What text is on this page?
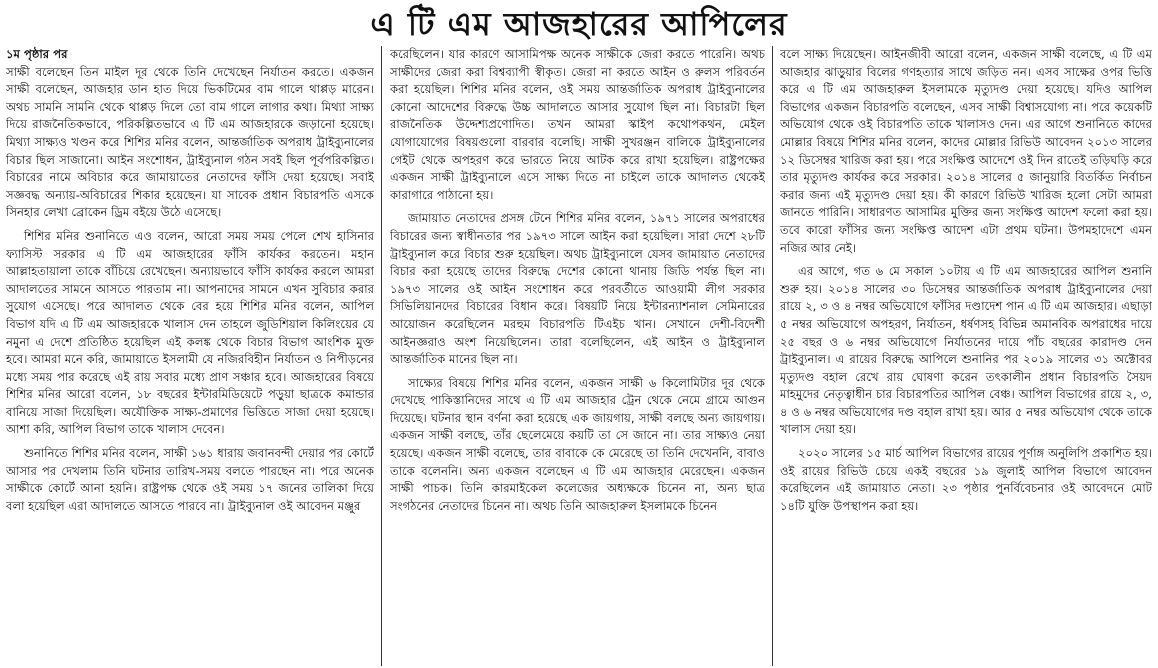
এ টি এম আজহারের আপিলের

১ম পৃষ্ঠার পর

সাক্ষী বলেছেন তিন মাইল দূর থেকে তিনি দেখেছেন নির্যাতন করতে। একজন সাক্ষী বলেছেন, আজহার ডান হাত দিয়ে ভিকটিমের বাম গালে থাপ্পড় মারেন। অথচ সামনি সামনি থেকে থাপ্পড় দিলে তো বাম গালে লাগার কথা। মিথ্যা সাক্ষ্য দিয়ে রাজনৈতিকভাবে, পরিকল্পিতভাবে এ টি এম আজহারকে জড়ানো হয়েছে। মিথ্যা সাক্ষ্যও খণ্ডন করে শিশির মনির বলেন, আন্তর্জাতিক অপরাধ ট্রাইব্যুনালের বিচার ছিল সাজানো। আইন সংশোধন, ট্রাইব্যুনাল গঠন সবই ছিল পূর্বপরিকল্পিত। বিচারের নামে অবিচার করে জামায়াতের নেতাদের ফাঁসি দেয়া হয়েছে। সবাই সজ্ঞবদ্ধ অন্যায়-অবিচারের শিকার হয়েছেন। যা সাবেক প্রধান বিচারপতি এসকে সিনহার লেখা ব্রোকেন ড্রিম বইয়ে উঠে এসেছে।

শিশির মনির শুনানিতে এও বলেন, আরো সময় সময় পেলে শেখ হাসিনার ফ্যাসিস্ট সরকার এ টি এম আজহারের ফাঁসি কার্যকর করতেন। মহান আল্লাহতায়ালা তাকে বাঁচিয়ে রেখেছেন। অন্যায়ভাবে ফাঁসি কার্যকর করলে আমরা আদালতের সামনে আসতে পারতাম না। আপনাদের সামনে এখন সুবিচার করার সুযোগ এসেছে। পরে আদালত থেকে বের হয়ে শিশির মনির বলেন, আপিল বিভাগ যদি এ টি এম আজহারকে খালাস দেন তাহলে জুডিশিয়াল কিলিংয়ের যে নমুনা এ দেশে প্রতিষ্ঠিত হয়েছিল এই কলঙ্ক থেকে বিচার বিভাগ আংশিক মুক্ত হবে। আমরা মনে করি, জামায়াতে ইসলামী যে নজিরবিহীন নির্যাতন ও নিপীড়নের মধ্যে সময় পার করেছে এই রায় সবার মধ্যে প্রাণ সঞ্চার হবে। আজহারের বিষয়ে শিশির মনির আরো বলেন, ১৮ বছরের ইন্টারমিডিয়েটে পড়ুয়া ছাত্রকে কমান্ডার বানিয়ে সাজা দিয়েছিল। অযৌক্তিক সাক্ষ্য-প্রমাণের ভিত্তিতে সাজা দেয়া হয়েছে। আশা করি, আপিল বিভাগ তাকে খালাস দেবেন।

শুনানিতে শিশির মনির বলেন, সাক্ষী ১৬১ ধারায় জবানবন্দী দেয়ার পর কোর্টে আসার পর দেখলাম তিনি ঘটনার তারিখ-সময় বলতে পারছেন না। পরে অনেক সাক্ষীকে কোর্টে আনা হয়নি। রাষ্ট্রপক্ষ থেকে ওই সময় ১৭ জনের তালিকা দিয়ে বলা হয়েছিল এরা আদালতে আসতে পারবে না। ট্রাইব্যুনাল ওই আবেদন মঞ্জুর

করেছিলেন। যার কারণে আসামিপক্ষ অনেক সাক্ষীকে জেরা করতে পারেনি। অথচ সাক্ষীদের জেরা করা বিশ্বব্যাপী স্বীকৃত। জেরা না করতে আইন ও রুলস পরিবর্তন করা হয়েছিল। শিশির মনির বলেন, ওই সময় আন্তর্জাতিক অপরাধ ট্রাইব্যুনালের কোনো আদেশের বিরুদ্ধে উচ্চ আদালতে আসার সুযোগ ছিল না। বিচারটা ছিল রাজনৈতিক উদ্দেশ্যপ্রণোদিত। তখন আমরা স্কাইপ কথোপকথন, মেইল যোগাযোগের বিষয়গুলো বারবার বলেছি। সাক্ষী সুখরঞ্জন বালিকে ট্রাইব্যুনালের গেইট থেকে অপহরণ করে ভারতে নিয়ে আটক করে রাখা হয়েছিল। রাষ্ট্রপক্ষের একজন সাক্ষী ট্রাইব্যুনালে এসে সাক্ষ্য দিতে না চাইলে তাকে আদালত থেকেই কারাগারে পাঠানো হয়।

জামায়াত নেতাদের প্রসঙ্গ টেনে শিশির মনির বলেন, ১৯৭১ সালের অপরাধের বিচারের জন্য স্বাধীনতার পর ১৯৭৩ সালে আইন করা হয়েছিল। সারা দেশে ২৮টি ট্রাইব্যুনাল করে বিচার শুরু হয়েছিল। অথচ ট্রাইব্যুনালে যেসব জামায়াত নেতাদের বিচার করা হয়েছে তাদের বিরুদ্ধে দেশের কোনো থানায় জিডি পর্যন্ত ছিল না। ১৯৭৩ সালের ওই আইন সংশোধন করে পরবর্তীতে আওয়ামী লীগ সরকার সিভিলিয়ানদের বিচারের বিধান করে। বিষয়টি নিয়ে ইন্টারন্যাশনাল সেমিনারের আয়োজন করেছিলেন মরহুম বিচারপতি টিএইচ খান। সেখানে দেশী-বিদেশী আইনজ্ঞরাও অংশ নিয়েছিলেন। তারা বলেছিলেন, এই আইন ও ট্রাইব্যুনাল আন্তর্জাতিক মানের ছিল না।

সাক্ষ্যের বিষয়ে শিশির মনির বলেন, একজন সাক্ষী ৬ কিলোমিটার দূর থেকে দেখেছে পাকিস্তানিদের সাথে এ টি এম আজহার ট্রেন থেকে নেমে গ্রামে আগুন দিয়েছে। ঘটনার স্থান বর্ণনা করা হয়েছে এক জায়গায়, সাক্ষী বলছে অন্য জায়গায়। একজন সাক্ষী বলছে, তাঁর ছেলেমেয়ে কয়টি তা সে জানে না। তার সাক্ষ্যও নেয়া হয়েছে। একজন সাক্ষী বলেছে, তার বাবাকে কে মেরেছে তা তিনি দেখেননি, বাবাও তাকে বলেননি। অন্য একজন বলেছেন এ টি এম আজহার মেরেছেন। একজন সাক্ষী পাচক। তিনি কারমাইকেল কলেজের অধ্যক্ষকে চিনেন না, অন্য ছাত্র সংগঠনের নেতাদের চিনেন না। অথচ তিনি আজহারুল ইসলামকে চিনেন

বলে সাক্ষ্য দিয়েছেন। আইনজীবী আরো বলেন, একজন সাক্ষী বলেছে, এ টি এম আজহার ঝাড়ুয়ার বিলের গণহত্যার সাথে জড়িত নন। এসব সাক্ষের ওপর ভিত্তি করে এ টি এম আজহারুল ইসলামকে মৃত্যুদণ্ড দেয়া হয়েছে। যদিও আপিল বিভাগের একজন বিচারপতি বলেছেন, এসব সাক্ষী বিশ্বাসযোগ্য না। পরে কয়েকটি অভিযোগ থেকে ওই বিচারপতি তাকে খালাসও দেন। এর আগে শুনানিতে কাদের মোল্লার বিষয়ে শিশির মনির বলেন, কাদের মোল্লার রিভিউ আবেদন ২০১৩ সালের ১২ ডিসেম্বর খারিজ করা হয়। পরে সংক্ষিপ্ত আদেশে ওই দিন রাতেই তড়িঘড়ি করে তার মৃত্যুদণ্ড কার্যকর করে সরকার। ২০১৪ সালের ৫ জানুয়ারি বিতর্কিত নির্বাচন করার জন্য এই মৃত্যুদণ্ড দেয়া হয়। কী কারণে রিভিউ খারিজ হলো সেটা আমরা জানতে পারিনি। সাধারণত আসামির মুক্তির জন্য সংক্ষিপ্ত আদেশ ফলো করা হয়। তবে কারো ফাঁসির জন্য সংক্ষিপ্ত আদেশ এটা প্রথম ঘটনা। উপমহাদেশে এমন নজির আর নেই।

এর আগে, গত ৬ মে সকাল ১০টায় এ টি এম আজহারের আপিল শুনানি শুরু হয়। ২০১৪ সালের ৩০ ডিসেম্বর আন্তর্জাতিক অপরাধ ট্রাইব্যুনালের দেয়া রায়ে ২, ৩ ও ৪ নম্বর অভিযোগে ফাঁসির দণ্ডাদেশ পান এ টি এম আজহার। এছাড়া ৫ নম্বর অভিযোগে অপহরণ, নির্যাতন, ধর্ষণসহ বিভিন্ন অমানবিক অপরাধের দায়ে ২৫ বছর ও ৬ নম্বর অভিযোগে নির্যাতনের দায়ে পাঁচ বছরের কারাদণ্ড দেন ট্রাইব্যুনাল। এ রায়ের বিরুদ্ধে আপিলে শুনানির পর ২০১৯ সালের ৩১ অক্টোবর মৃত্যুদণ্ড বহাল রেখে রায় ঘোষণা করেন তৎকালীন প্রধান বিচারপতি সৈয়দ মাহমুদের নেতৃত্বাধীন চার বিচারপতির আপিল বেঞ্চ। আপিল বিভাগের রায়ে ২, ৩, ৪ ও ৬ নম্বর অভিযোগের দণ্ড বহাল রাখা হয়। আর ৫ নম্বর অভিযোগ থেকে তাকে খালাস দেয়া হয়।

২০২০ সালের ১৫ মার্চ আপিল বিভাগের রায়ের পূর্ণাঙ্গ অনুলিপি প্রকাশিত হয়। ওই রায়ের রিভিউ চেয়ে একই বছরের ১৯ জুলাই আপিল বিভাগে আবেদন করেছিলেন এই জামায়াত নেতা। ২৩ পৃষ্ঠার পুনর্বিবেচনার ওই আবেদনে মোট ১৪টি যুক্তি উপস্থাপন করা হয়।
